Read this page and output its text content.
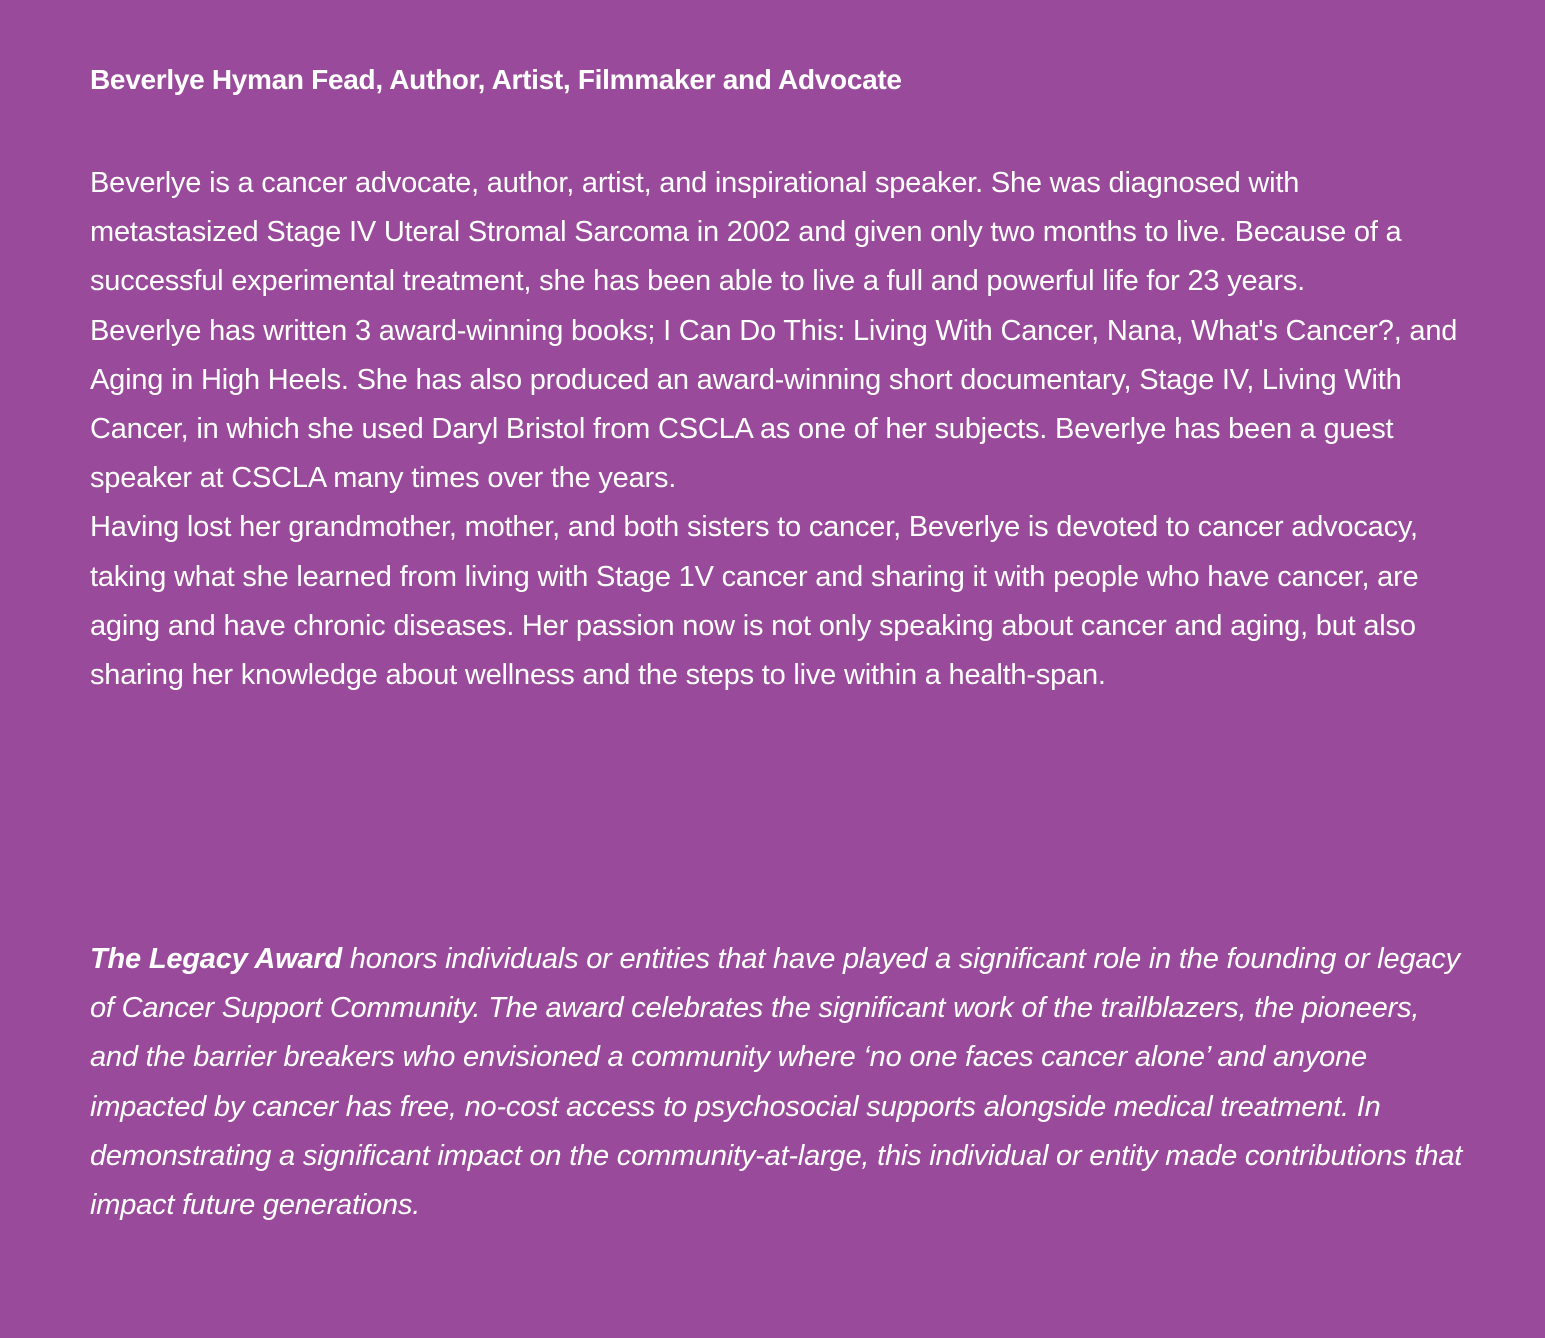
Beverlye Hyman Fead, Author, Artist, Filmmaker and Advocate

Beverlye is a cancer advocate, author, artist, and inspirational speaker. She was diagnosed with metastasized Stage IV Uteral Stromal Sarcoma in 2002 and given only two months to live. Because of a successful experimental treatment, she has been able to live a full and powerful life for 23 years.

Beverlye has written 3 award-winning books; I Can Do This: Living With Cancer, Nana, What's Cancer?, and Aging in High Heels. She has also produced an award-winning short documentary, Stage IV, Living With Cancer, in which she used Daryl Bristol from CSCLA as one of her subjects. Beverlye has been a guest speaker at CSCLA many times over the years.

Having lost her grandmother, mother, and both sisters to cancer, Beverlye is devoted to cancer advocacy, taking what she learned from living with Stage 1V cancer and sharing it with people who have cancer, are aging and have chronic diseases. Her passion now is not only speaking about cancer and aging, but also sharing her knowledge about wellness and the steps to live within a health-span.

The Legacy Award honors individuals or entities that have played a significant role in the founding or legacy of Cancer Support Community. The award celebrates the significant work of the trailblazers, the pioneers, and the barrier breakers who envisioned a community where ‘no one faces cancer alone’ and anyone impacted by cancer has free, no-cost access to psychosocial supports alongside medical treatment. In demonstrating a significant impact on the community-at-large, this individual or entity made contributions that impact future generations.
